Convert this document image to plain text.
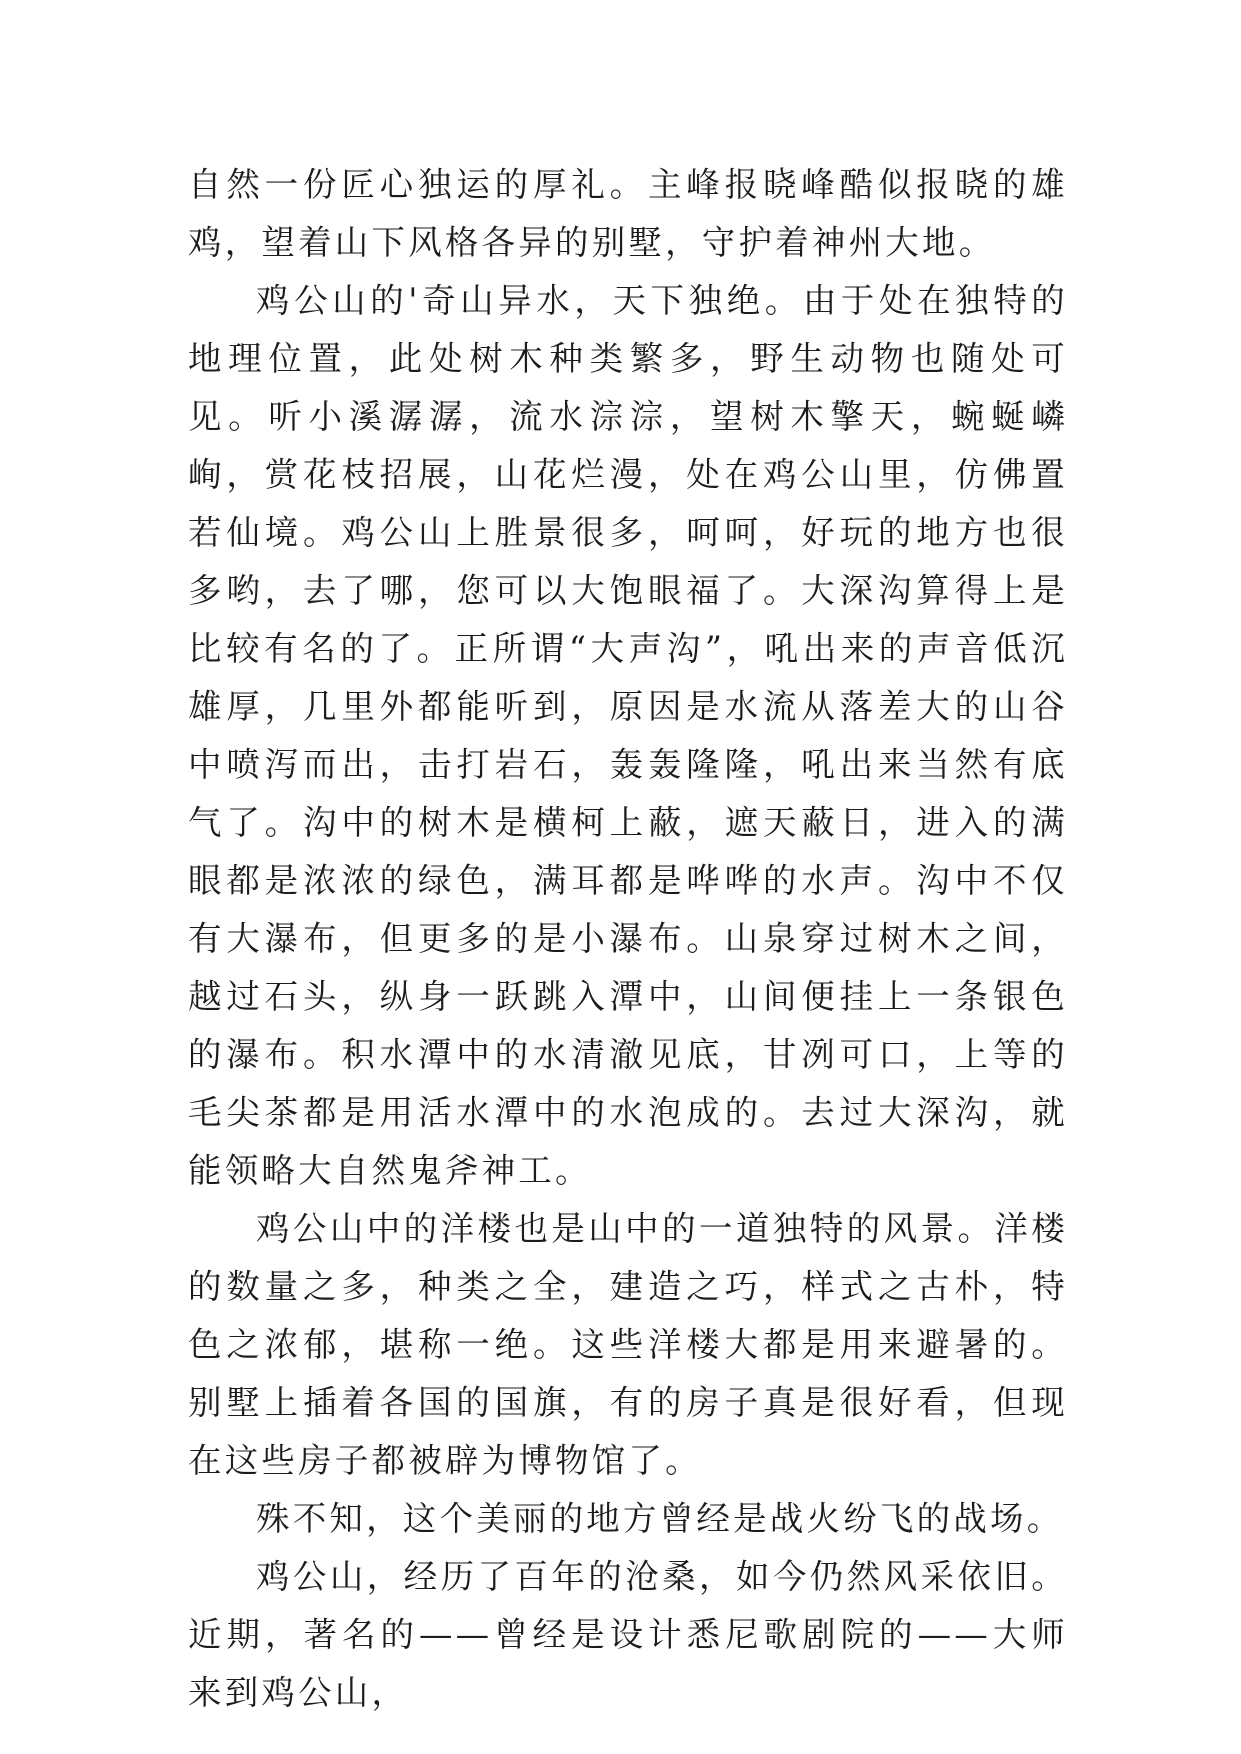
自然一份匠心独运的厚礼。主峰报晓峰酷似报晓的雄鸡，望着山下风格各异的别墅，守护着神州大地。

鸡公山的'奇山异水，天下独绝。由于处在独特的地理位置，此处树木种类繁多，野生动物也随处可见。听小溪潺潺，流水淙淙，望树木擎天，蜿蜒嶙峋，赏花枝招展，山花烂漫，处在鸡公山里，仿佛置若仙境。鸡公山上胜景很多，呵呵，好玩的地方也很多哟，去了哪，您可以大饱眼福了。大深沟算得上是比较有名的了。正所谓“大声沟”，吼出来的声音低沉雄厚，几里外都能听到，原因是水流从落差大的山谷中喷泻而出，击打岩石，轰轰隆隆，吼出来当然有底气了。沟中的树木是横柯上蔽，遮天蔽日，进入的满眼都是浓浓的绿色，满耳都是哗哗的水声。沟中不仅有大瀑布，但更多的是小瀑布。山泉穿过树木之间，越过石头，纵身一跃跳入潭中，山间便挂上一条银色的瀑布。积水潭中的水清澈见底，甘冽可口，上等的毛尖茶都是用活水潭中的水泡成的。去过大深沟，就能领略大自然鬼斧神工。

鸡公山中的洋楼也是山中的一道独特的风景。洋楼的数量之多，种类之全，建造之巧，样式之古朴，特色之浓郁，堪称一绝。这些洋楼大都是用来避暑的。别墅上插着各国的国旗，有的房子真是很好看，但现在这些房子都被辟为博物馆了。

殊不知，这个美丽的地方曾经是战火纷飞的战场。

鸡公山，经历了百年的沧桑，如今仍然风采依旧。近期，著名的——曾经是设计悉尼歌剧院的——大师来到鸡公山，
